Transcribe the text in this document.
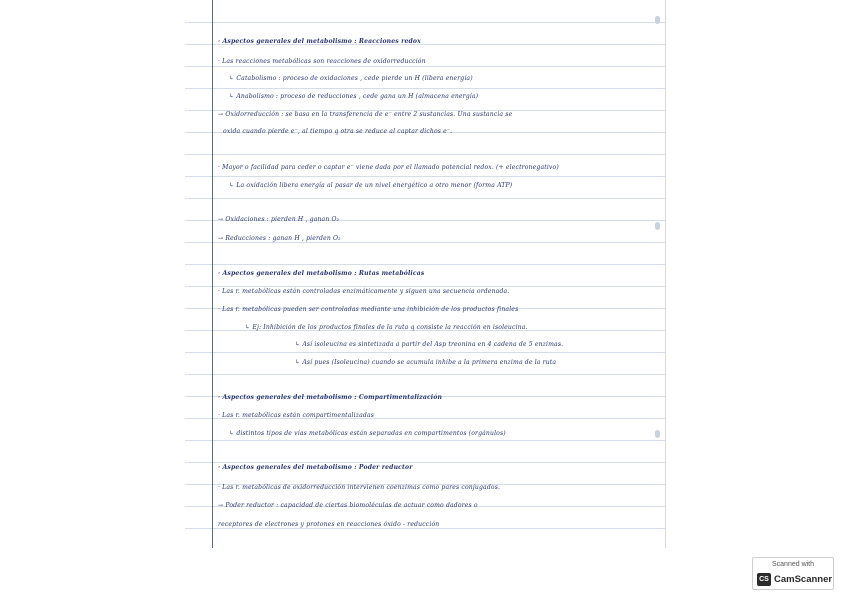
· Aspectos generales del metabolismo : Reacciones redox
· Las reacciones metabólicas son reacciones de oxidorreducción
↳ Catabolismo : proceso de oxidaciones , cede pierde un H (libera energía)
↳ Anabolismo : proceso de reducciones , cede gana un H (almacena energía)
→ Oxidorreducción : se basa en la transferencia de e⁻ entre 2 sustancias. Una sustancia se
oxida cuando pierde e⁻, al tiempo q otra se reduce al captar dichos e⁻.
· Mayor o facilidad para ceder o captar e⁻ viene dada por el llamado potencial redox. (+ electronegativo)
↳ La oxidación libera energía al pasar de un nivel energético a otro menor (forma ATP)
→ Oxidaciones : pierden H , ganan O₂
→ Reducciones : ganan H , pierden O₂
· Aspectos generales del metabolismo : Rutas metabólicas
· Las r. metabólicas están controladas enzimáticamente y siguen una secuencia ordenada.
· Las r. metabólicas pueden ser controladas mediante una inhibición de los productos finales
↳ Ej: Inhibición de los productos finales de la ruta q consiste la reacción en isoleucina.
↳ Así isoleucina es sintetizada a partir del Asp treonina en 4 cadena de 5 enzimas.
↳ Así pues (Isoleucina) cuando se acumula inhibe a la primera enzima de la ruta
· Aspectos generales del metabolismo : Compartimentalización
· Las r. metabólicas están compartimentalizadas
↳ distintos tipos de vías metabólicas están separadas en compartimentos (orgánulos)
· Aspectos generales del metabolismo : Poder reductor
· Las r. metabólicas de oxidorreducción intervienen coenzimas como pares conjugados.
→ Poder reductor : capacidad de ciertas biomoléculas de actuar como dadores o
receptores de electrones y protones en reacciones óxido - reducción
Scanned with
CS CamScanner
